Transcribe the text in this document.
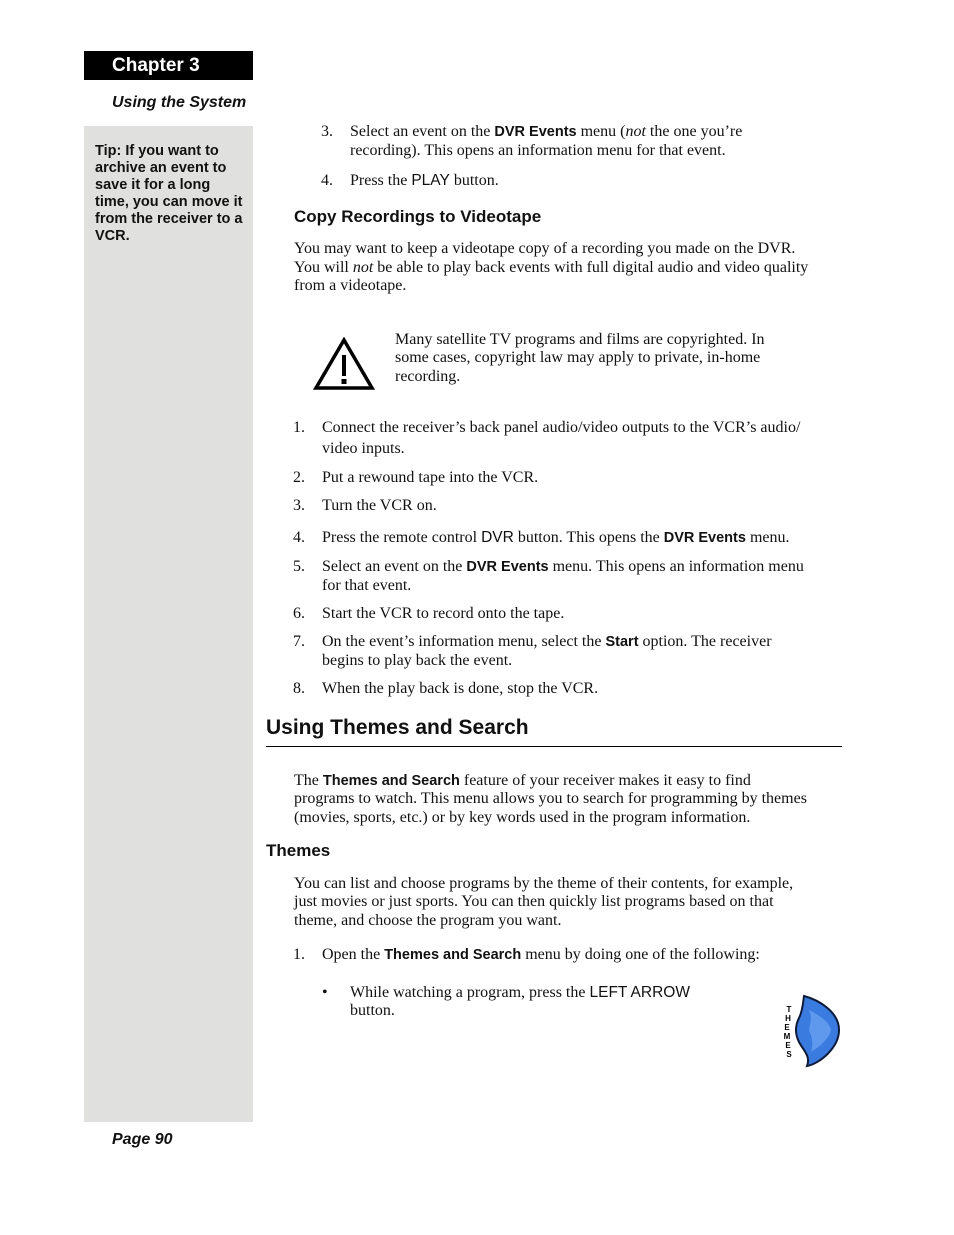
Chapter 3
Using the System
Tip: If you want to archive an event to save it for a long time, you can move it from the receiver to a VCR.
3. Select an event on the DVR Events menu (not the one you’re
recording). This opens an information menu for that event.
4. Press the PLAY button.
Copy Recordings to Videotape
You may want to keep a videotape copy of a recording you made on the DVR.
You will not be able to play back events with full digital audio and video quality
from a videotape.
Many satellite TV programs and films are copyrighted. In
some cases, copyright law may apply to private, in-home
recording.
1. Connect the receiver’s back panel audio/video outputs to the VCR’s audio/
video inputs.
2. Put a rewound tape into the VCR.
3. Turn the VCR on.
4. Press the remote control DVR button. This opens the DVR Events menu.
5. Select an event on the DVR Events menu. This opens an information menu
for that event.
6. Start the VCR to record onto the tape.
7. On the event’s information menu, select the Start option. The receiver
begins to play back the event.
8. When the play back is done, stop the VCR.
Using Themes and Search
The Themes and Search feature of your receiver makes it easy to find
programs to watch. This menu allows you to search for programming by themes
(movies, sports, etc.) or by key words used in the program information.
Themes
You can list and choose programs by the theme of their contents, for example,
just movies or just sports. You can then quickly list programs based on that
theme, and choose the program you want.
1. Open the Themes and Search menu by doing one of the following:
• While watching a program, press the LEFT ARROW
button.	T
H
E
M
E
S
Page 90
